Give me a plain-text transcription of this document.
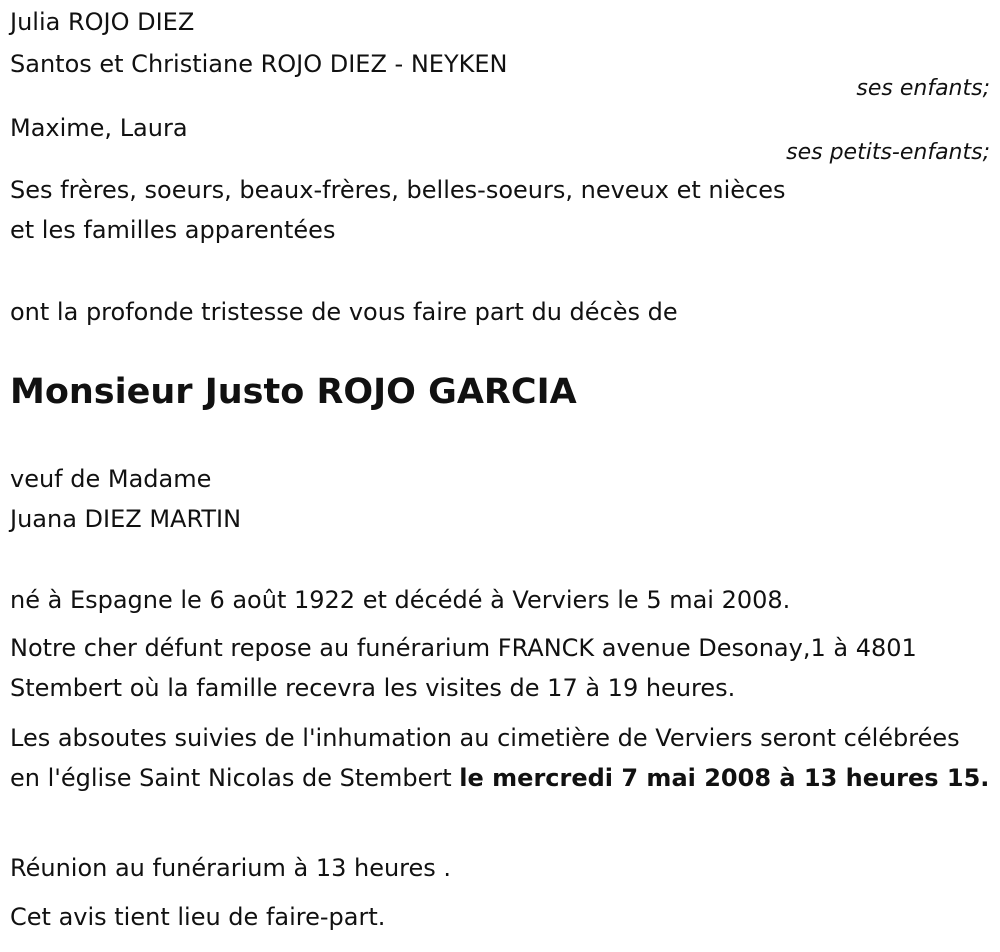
Julia ROJO DIEZ

Santos et Christiane ROJO DIEZ - NEYKEN

ses enfants;

Maxime, Laura

ses petits-enfants;

Ses frères, soeurs, beaux-frères, belles-soeurs, neveux et nièces

et les familles apparentées

ont la profonde tristesse de vous faire part du décès de

Monsieur Justo ROJO GARCIA

veuf de Madame

Juana DIEZ MARTIN

né à Espagne le 6 août 1922 et décédé à Verviers le 5 mai 2008.

Notre cher défunt repose au funérarium FRANCK avenue Desonay,1 à 4801 Stembert où la famille recevra les visites de 17 à 19 heures.

Les absoutes suivies de l'inhumation au cimetière de Verviers seront célébrées en l'église Saint Nicolas de Stembert le mercredi 7 mai 2008 à 13 heures 15.

Réunion au funérarium à 13 heures .

Cet avis tient lieu de faire-part.
